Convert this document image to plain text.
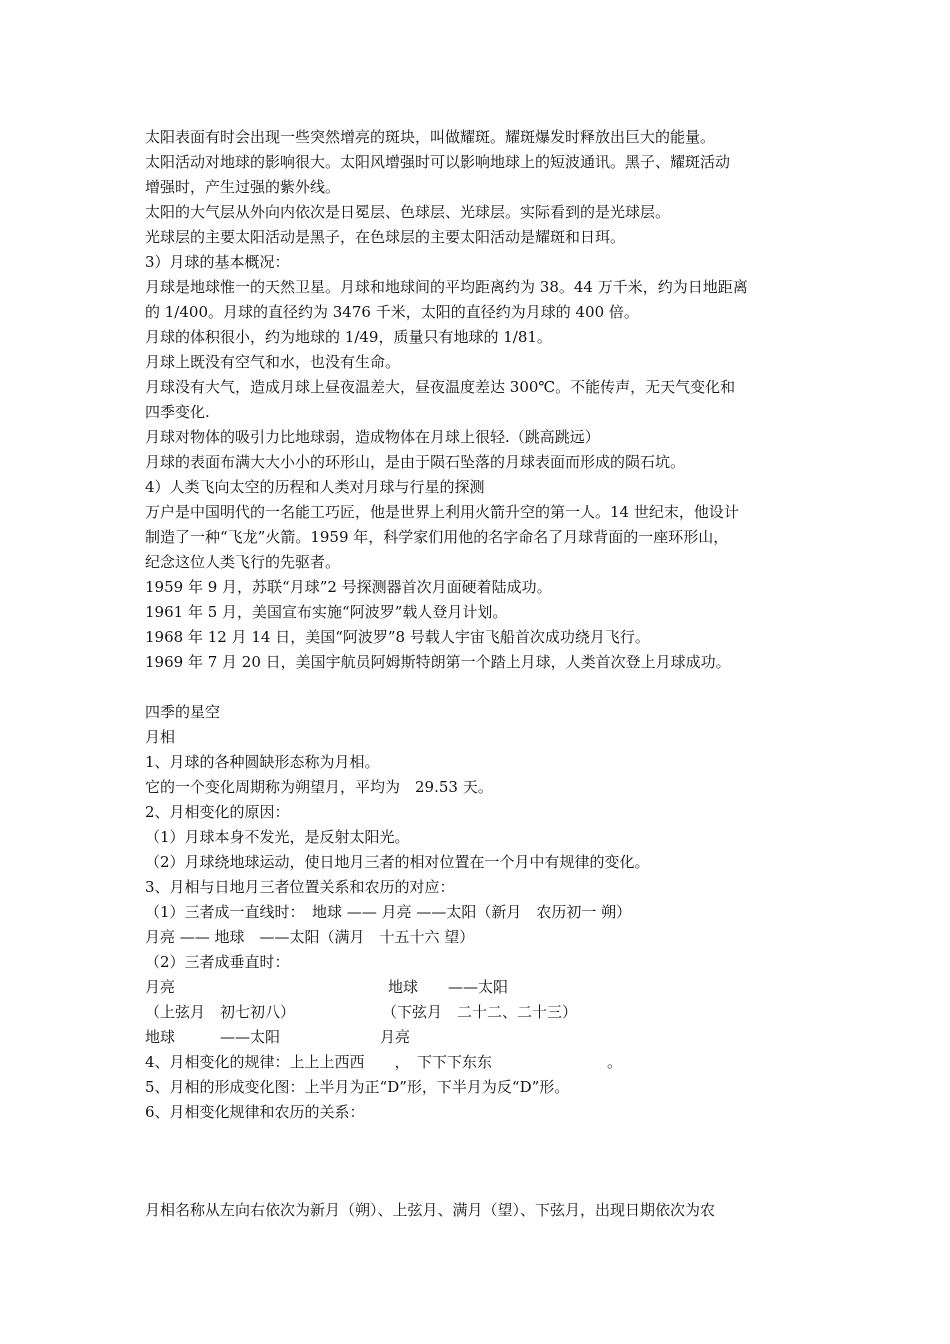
太阳表面有时会出现一些突然增亮的斑块，叫做耀斑。耀斑爆发时释放出巨大的能量。
太阳活动对地球的影响很大。太阳风增强时可以影响地球上的短波通讯。黑子、耀斑活动
增强时，产生过强的紫外线。
太阳的大气层从外向内依次是日冕层、色球层、光球层。实际看到的是光球层。
光球层的主要太阳活动是黑子，在色球层的主要太阳活动是耀斑和日珥。
3）月球的基本概况：
月球是地球惟一的天然卫星。月球和地球间的平均距离约为 38。44 万千米，约为日地距离
的 1/400。月球的直径约为 3476 千米，太阳的直径约为月球的 400 倍。
月球的体积很小，约为地球的 1/49，质量只有地球的 1/81。
月球上既没有空气和水，也没有生命。
月球没有大气，造成月球上昼夜温差大，昼夜温度差达 300℃。不能传声，无天气变化和
四季变化.
月球对物体的吸引力比地球弱，造成物体在月球上很轻.（跳高跳远）
月球的表面布满大大小小的环形山，是由于陨石坠落的月球表面而形成的陨石坑。
4）人类飞向太空的历程和人类对月球与行星的探测
万户是中国明代的一名能工巧匠，他是世界上利用火箭升空的第一人。14 世纪末，他设计
制造了一种“飞龙”火箭。1959 年，科学家们用他的名字命名了月球背面的一座环形山，
纪念这位人类飞行的先驱者。
1959 年 9 月，苏联“月球”2 号探测器首次月面硬着陆成功。
1961 年 5 月，美国宣布实施“阿波罗”载人登月计划。
1968 年 12 月 14 日，美国“阿波罗”8 号载人宇宙飞船首次成功绕月飞行。
1969 年 7 月 20 日，美国宇航员阿姆斯特朗第一个踏上月球，人类首次登上月球成功。
四季的星空
月相
1、月球的各种圆缺形态称为月相。
它的一个变化周期称为朔望月，平均为　29.53 天。
2、月相变化的原因：
（1）月球本身不发光，是反射太阳光。
（2）月球绕地球运动，使日地月三者的相对位置在一个月中有规律的变化。
3、月相与日地月三者位置关系和农历的对应：
（1）三者成一直线时：　地球 —— 月亮 ——太阳（新月　农历初一 朔）
月亮 —— 地球　——太阳（满月　十五十六 望）
（2）三者成垂直时：
月亮	地球　　——太阳
（上弦月　初七初八）	（下弦月　二十二、二十三）
地球　　　——太阳	月亮
4、月相变化的规律：上上上西西　　，　下下下东东	。
5、月相的形成变化图：上半月为正“D”形，下半月为反“D”形。
6、月相变化规律和农历的关系：
月相名称从左向右依次为新月（朔）、上弦月、满月（望）、下弦月，出现日期依次为农
